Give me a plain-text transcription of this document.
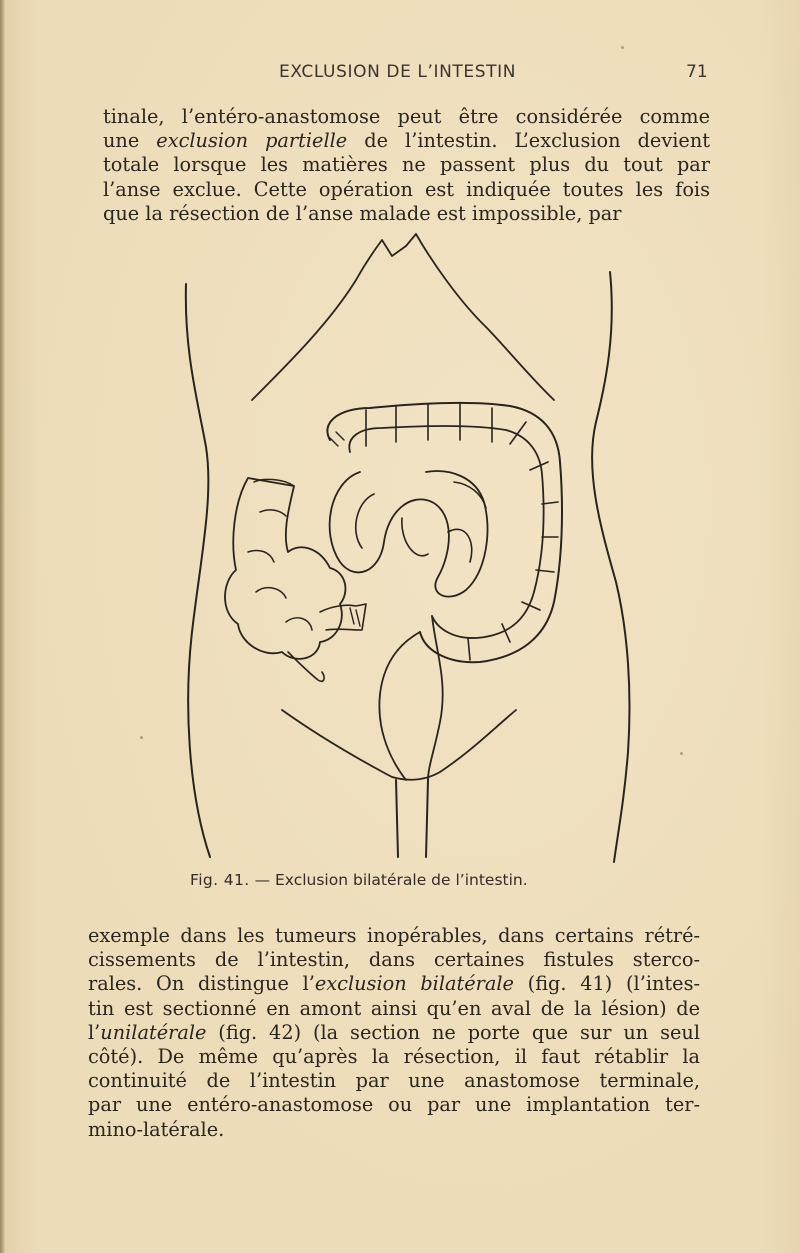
EXCLUSION DE L’INTESTIN	71
tinale, l’entéro-anastomose peut être considérée comme
une exclusion partielle de l’intestin. L’exclusion devient
totale lorsque les matières ne passent plus du tout par
l’anse exclue. Cette opération est indiquée toutes les fois
que la résection de l’anse malade est impossible, par
Fig. 41. — Exclusion bilatérale de l’intestin.
exemple dans les tumeurs inopérables, dans certains rétré-
cissements de l’intestin, dans certaines fistules sterco-
rales. On distingue l’exclusion bilatérale (fig. 41) (l’intes-
tin est sectionné en amont ainsi qu’en aval de la lésion) de
l’unilatérale (fig. 42) (la section ne porte que sur un seul
côté). De même qu’après la résection, il faut rétablir la
continuité de l’intestin par une anastomose terminale,
par une entéro-anastomose ou par une implantation ter-
mino-latérale.
